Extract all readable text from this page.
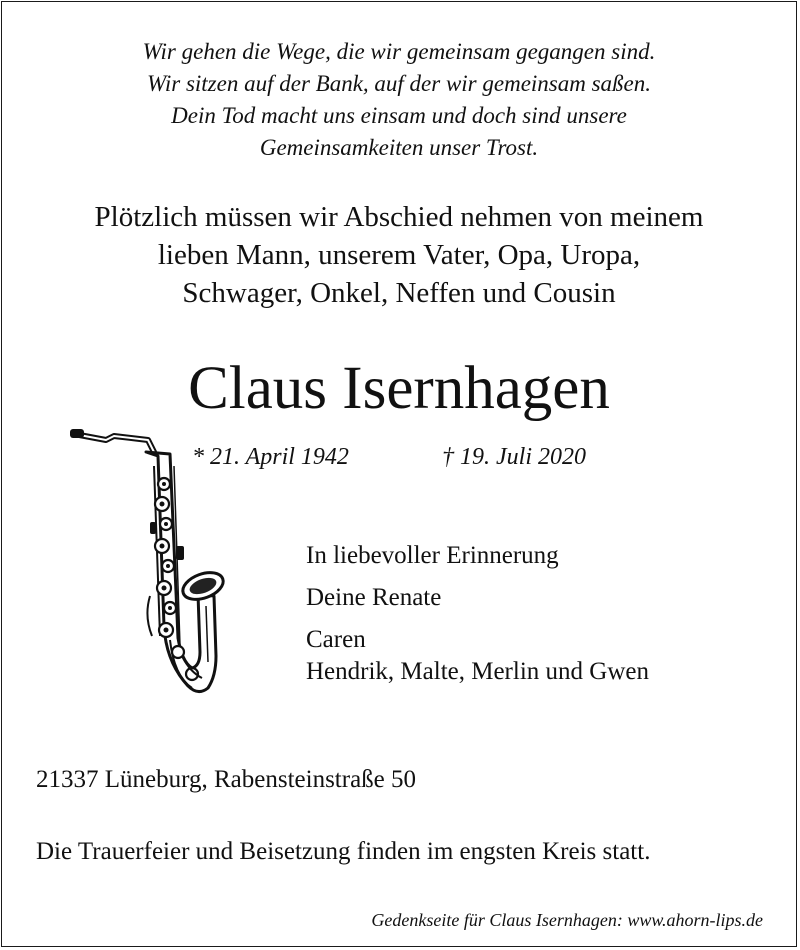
Wir gehen die Wege, die wir gemeinsam gegangen sind.
Wir sitzen auf der Bank, auf der wir gemeinsam saßen.
Dein Tod macht uns einsam und doch sind unsere
Gemeinsamkeiten unser Trost.
Plötzlich müssen wir Abschied nehmen von meinem
lieben Mann, unserem Vater, Opa, Uropa,
Schwager, Onkel, Neffen und Cousin
Claus Isernhagen
* 21. April 1942	† 19. Juli 2020
In liebevoller Erinnerung
Deine Renate
Caren
Hendrik, Malte, Merlin und Gwen
21337 Lüneburg, Rabensteinstraße 50
Die Trauerfeier und Beisetzung finden im engsten Kreis statt.
Gedenkseite für Claus Isernhagen: www.ahorn-lips.de
